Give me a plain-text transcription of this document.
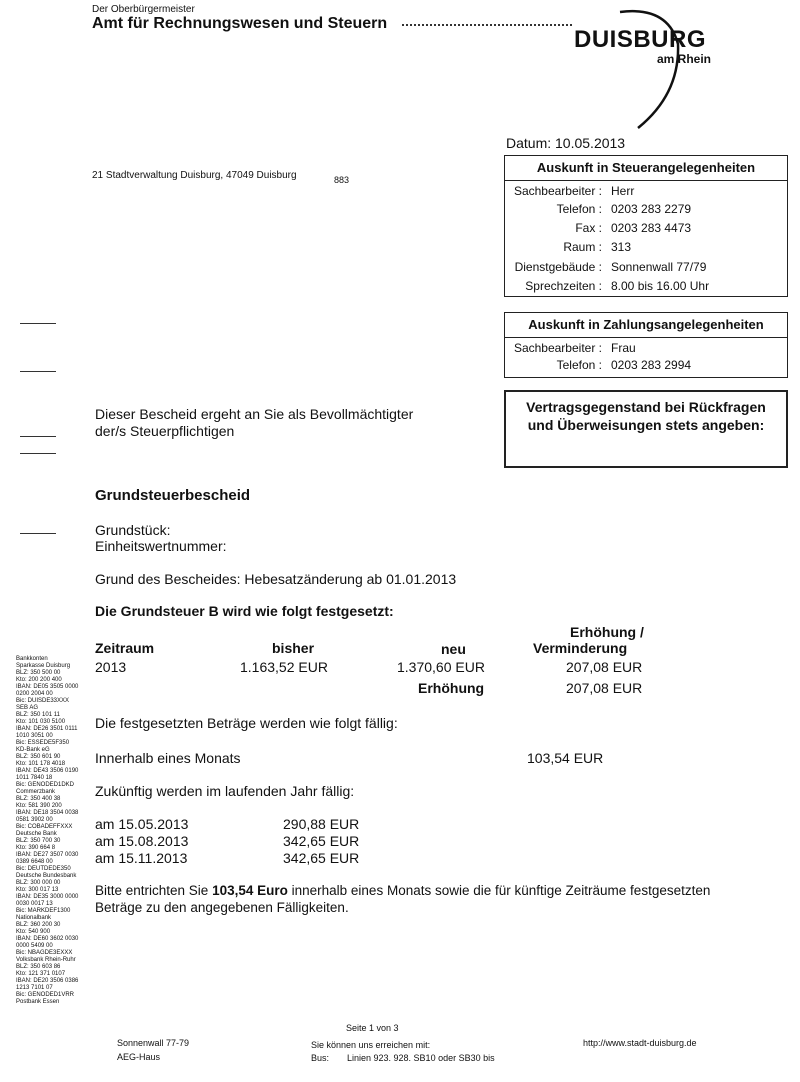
Der Oberbürgermeister
Amt für Rechnungswesen und Steuern
DUISBURG
am Rhein
Datum: 10.05.2013
21 Stadtverwaltung Duisburg, 47049 Duisburg	883
Auskunft in Steuerangelegenheiten
Sachbearbeiter : Herr
Telefon : 0203 283 2279
Fax : 0203 283 4473
Raum : 313
Dienstgebäude : Sonnenwall 77/79
Sprechzeiten : 8.00 bis 16.00 Uhr
Auskunft in Zahlungsangelegenheiten
Sachbearbeiter : Frau
Telefon : 0203 283 2994
Vertragsgegenstand bei Rückfragen
und Überweisungen stets angeben:
Dieser Bescheid ergeht an Sie als Bevollmächtigter
der/s Steuerpflichtigen
Grundsteuerbescheid
Grundstück:
Einheitswertnummer:
Grund des Bescheides: Hebesatzänderung ab 01.01.2013
Die Grundsteuer B wird wie folgt festgesetzt:
Zeitraum	bisher	neu
Erhöhung /
Verminderung
2013	1.163,52 EUR	1.370,60 EUR	207,08 EUR
Erhöhung	207,08 EUR
Die festgesetzten Beträge werden wie folgt fällig:
Innerhalb eines Monats	103,54 EUR
Zukünftig werden im laufenden Jahr fällig:
am 15.05.2013	290,88 EUR
am 15.08.2013	342,65 EUR
am 15.11.2013	342,65 EUR
Bitte entrichten Sie 103,54 Euro innerhalb eines Monats sowie die für künftige Zeiträume festgesetzten
Beträge zu den angegebenen Fälligkeiten.
Bankkonten
Sparkasse Duisburg
BLZ: 350 500 00
Kto: 200 200 400
IBAN: DE05 3505 0000
0200 2004 00
Bic: DUISDE33XXX
SEB AG
BLZ: 350 101 11
Kto: 101 030 5100
IBAN: DE26 3501 0111
1010 3051 00
Bic: ESSEDE5F350
KD-Bank eG
BLZ: 350 601 90
Kto: 101 178 4018
IBAN: DE43 3506 0190
1011 7840 18
Bic: GENODED1DKD
Commerzbank
BLZ: 350 400 38
Kto: 581 390 200
IBAN: DE18 3504 0038
0581 3902 00
Bic: COBADEFFXXX
Deutsche Bank
BLZ: 350 700 30
Kto: 390 664 8
IBAN: DE27 3507 0030
0389 6648 00
Bic: DEUTDEDE350
Deutsche Bundesbank
BLZ: 300 000 00
Kto: 300 017 13
IBAN: DE35 3000 0000
0030 0017 13
Bic: MARKDEF1300
Nationalbank
BLZ: 360 200 30
Kto: 540 900
IBAN: DE60 3602 0030
0000 5409 00
Bic: NBAGDE3EXXX
Volksbank Rhein-Ruhr
BLZ: 350 603 86
Kto: 121 371 0107
IBAN: DE20 3506 0386
1213 7101 07
Bic: GENODED1VRR
Postbank Essen
Seite 1 von 3
Sonnenwall 77-79
AEG-Haus
Sie können uns erreichen mit:
Bus: Linien 923. 928. SB10 oder SB30 bis
http://www.stadt-duisburg.de
